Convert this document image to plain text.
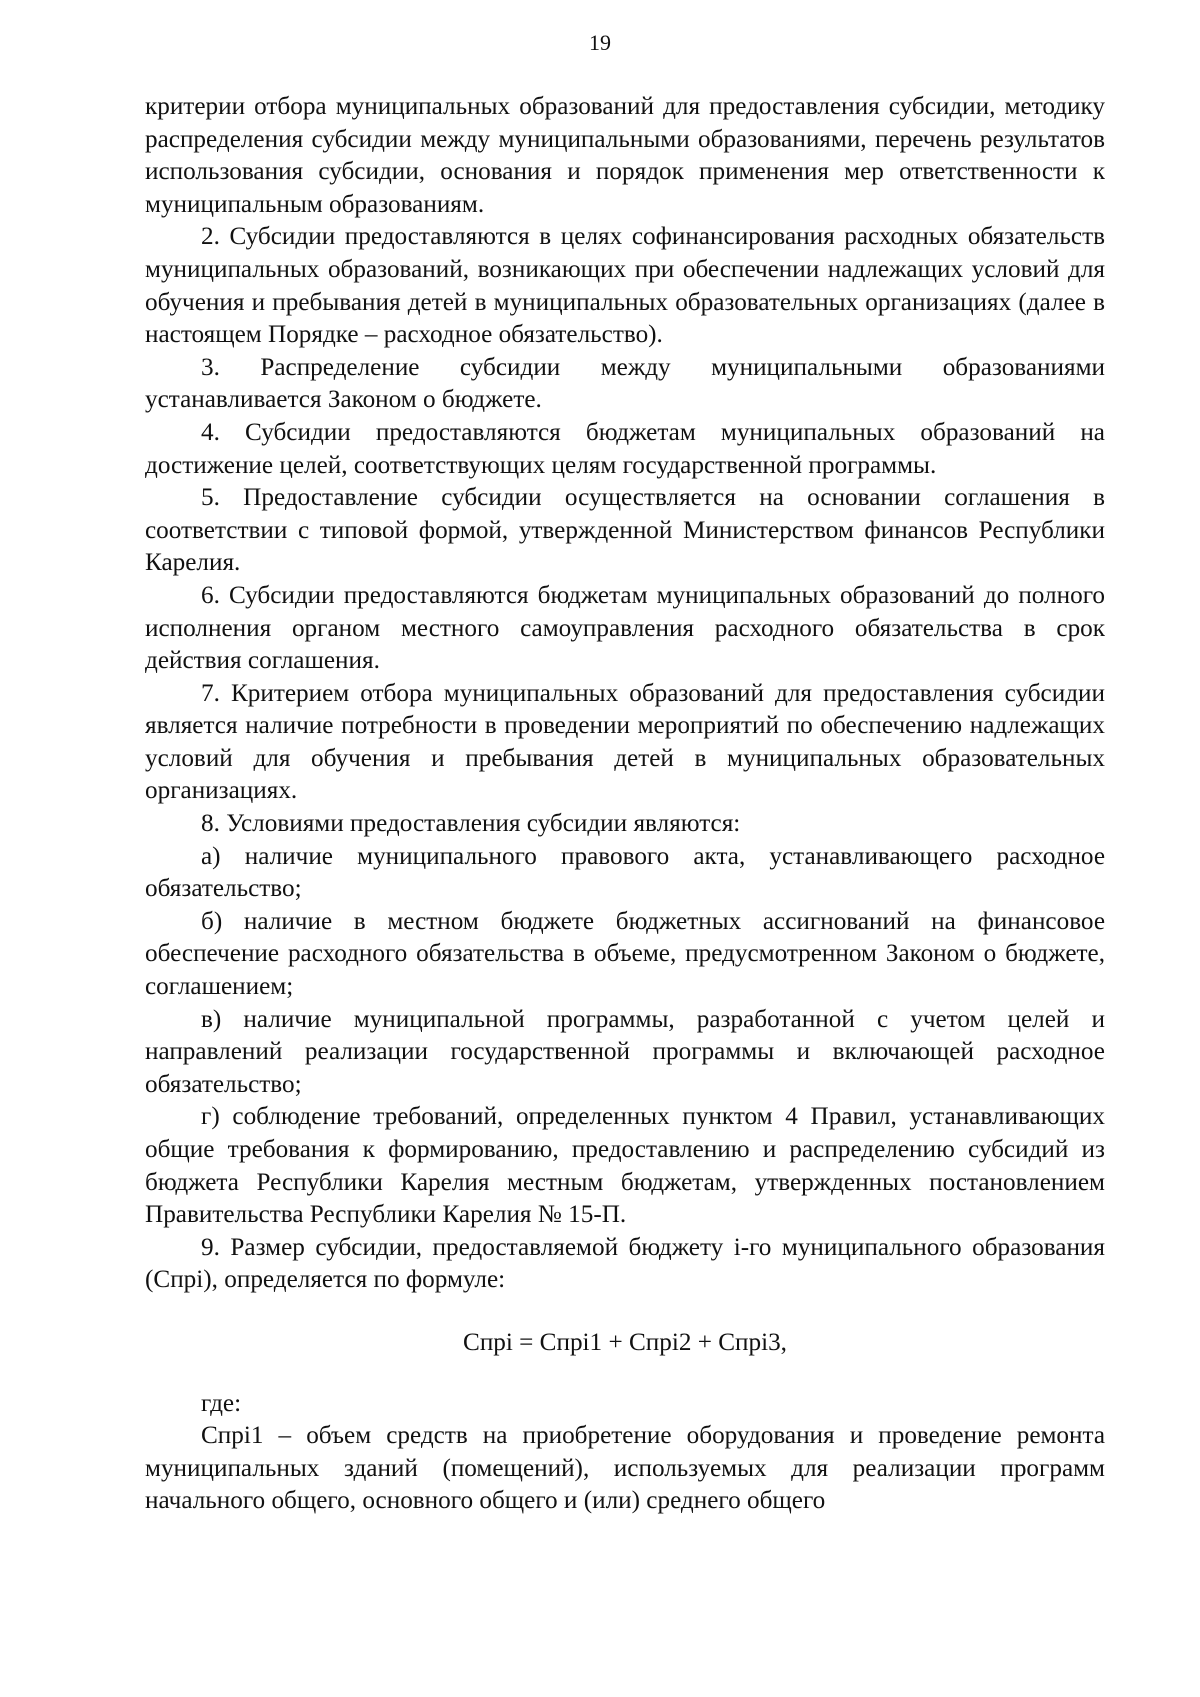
19

критерии отбора муниципальных образований для предоставления субсидии, методику распределения субсидии между муниципальными образованиями, перечень результатов использования субсидии, основания и порядок применения мер ответственности к муниципальным образованиям.

2. Субсидии предоставляются в целях софинансирования расходных обязательств муниципальных образований, возникающих при обеспечении надлежащих условий для обучения и пребывания детей в муниципальных образовательных организациях (далее в настоящем Порядке – расходное обязательство).

3. Распределение субсидии между муниципальными образованиями устанавливается Законом о бюджете.

4. Субсидии предоставляются бюджетам муниципальных образований на достижение целей, соответствующих целям государственной программы.

5. Предоставление субсидии осуществляется на основании соглашения в соответствии с типовой формой, утвержденной Министерством финансов Республики Карелия.

6. Субсидии предоставляются бюджетам муниципальных образований до полного исполнения органом местного самоуправления расходного обязательства в срок действия соглашения.

7. Критерием отбора муниципальных образований для предоставления субсидии является наличие потребности в проведении мероприятий по обеспечению надлежащих условий для обучения и пребывания детей в муниципальных образовательных организациях.

8. Условиями предоставления субсидии являются:

а) наличие муниципального правового акта, устанавливающего расходное обязательство;

б) наличие в местном бюджете бюджетных ассигнований на финансовое обеспечение расходного обязательства в объеме, предусмотренном Законом о бюджете, соглашением;

в) наличие муниципальной программы, разработанной с учетом целей и направлений реализации государственной программы и включающей расходное обязательство;

г) соблюдение требований, определенных пунктом 4 Правил, устанавливающих общие требования к формированию, предоставлению и распределению субсидий из бюджета Республики Карелия местным бюджетам, утвержденных постановлением Правительства Республики Карелия № 15-П.

9. Размер субсидии, предоставляемой бюджету i-го муниципального образования (Спрi), определяется по формуле:

Спрi = Спрi1 + Спрi2 + Спрi3,

где:

Спрi1 – объем средств на приобретение оборудования и проведение ремонта муниципальных зданий (помещений), используемых для реализации программ начального общего, основного общего и (или) среднего общего
